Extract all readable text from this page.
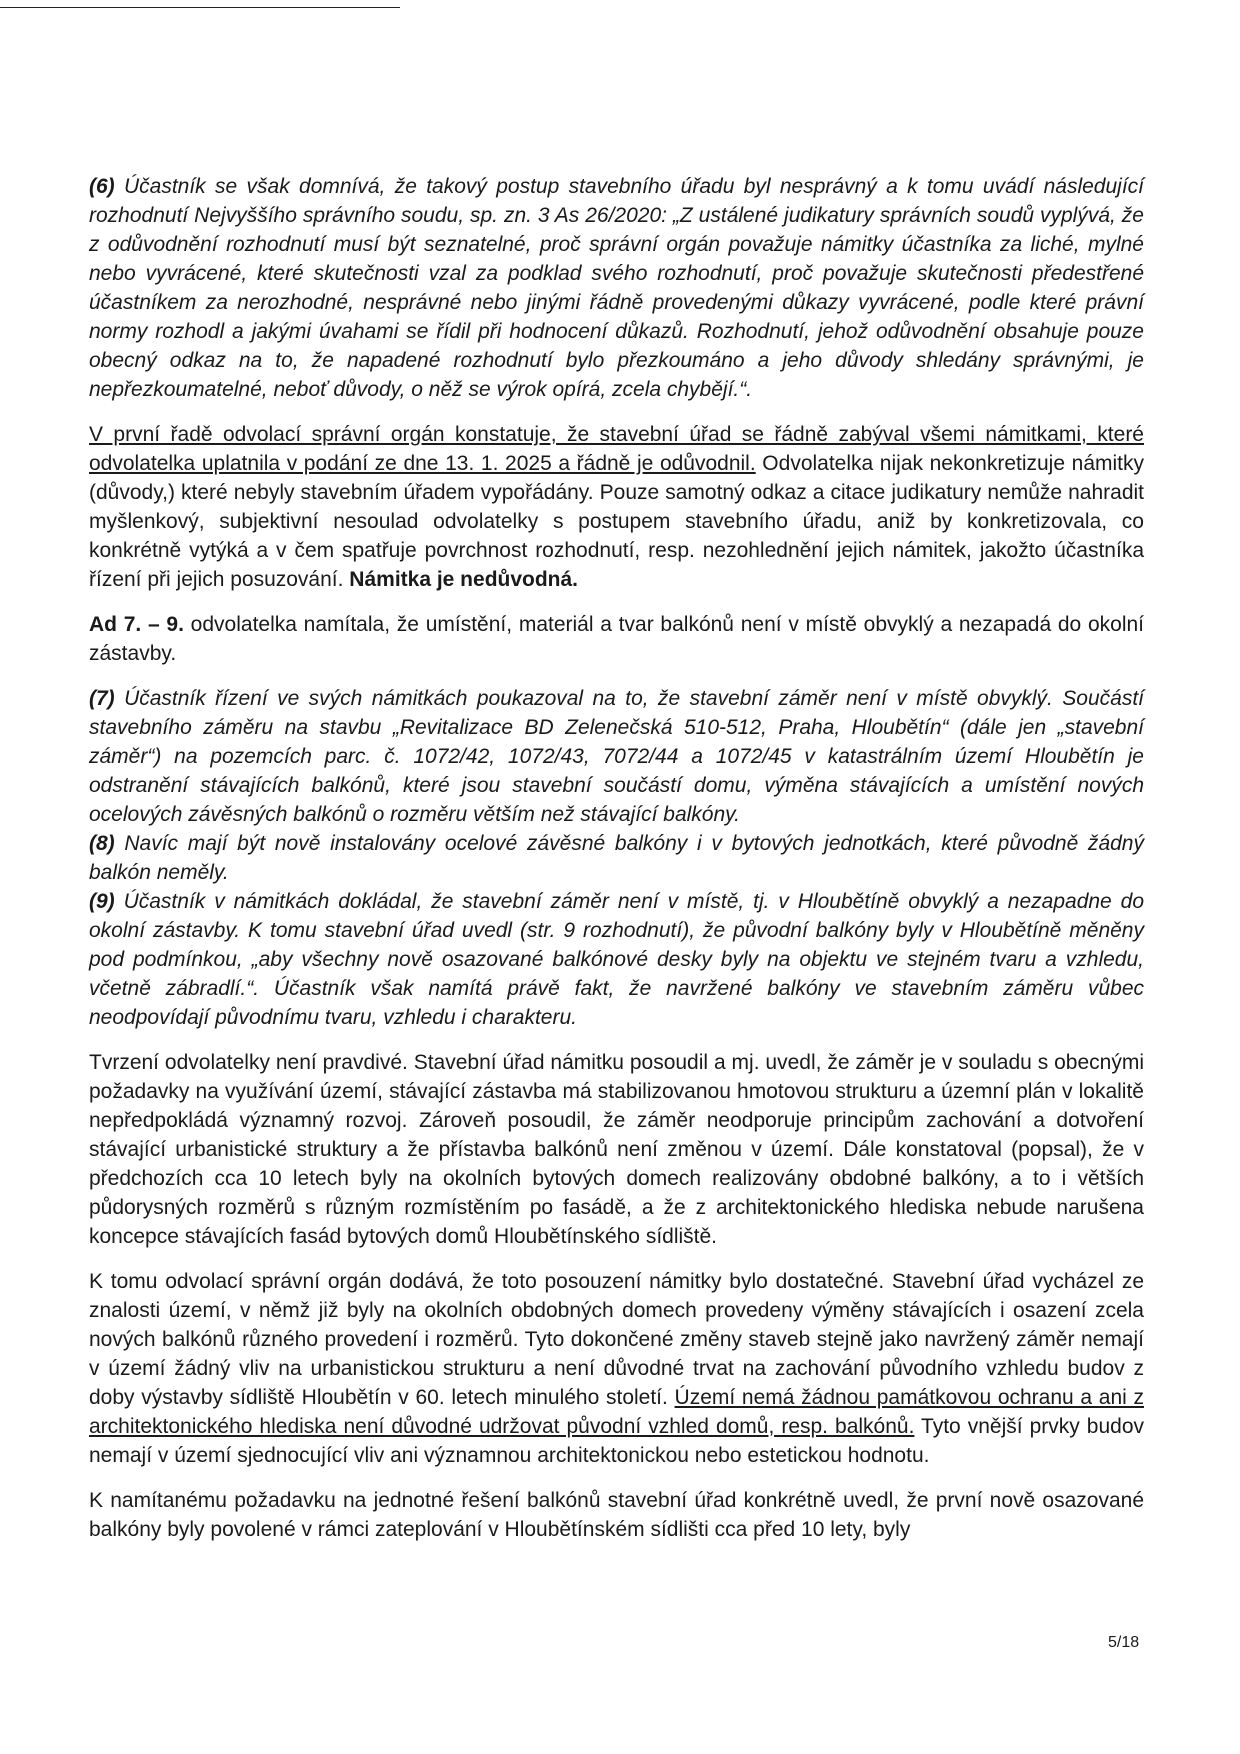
(6) Účastník se však domnívá, že takový postup stavebního úřadu byl nesprávný a k tomu uvádí následující rozhodnutí Nejvyššího správního soudu, sp. zn. 3 As 26/2020: „Z ustálené judikatury správních soudů vyplývá, že z odůvodnění rozhodnutí musí být seznatelné, proč správní orgán považuje námitky účastníka za liché, mylné nebo vyvrácené, které skutečnosti vzal za podklad svého rozhodnutí, proč považuje skutečnosti předestřené účastníkem za nerozhodné, nesprávné nebo jinými řádně provedenými důkazy vyvrácené, podle které právní normy rozhodl a jakými úvahami se řídil při hodnocení důkazů. Rozhodnutí, jehož odůvodnění obsahuje pouze obecný odkaz na to, že napadené rozhodnutí bylo přezkoumáno a jeho důvody shledány správnými, je nepřezkoumatelné, neboť důvody, o něž se výrok opírá, zcela chybějí.“.

V první řadě odvolací správní orgán konstatuje, že stavební úřad se řádně zabýval všemi námitkami, které odvolatelka uplatnila v podání ze dne 13. 1. 2025 a řádně je odůvodnil. Odvolatelka nijak nekonkretizuje námitky (důvody,) které nebyly stavebním úřadem vypořádány. Pouze samotný odkaz a citace judikatury nemůže nahradit myšlenkový, subjektivní nesoulad odvolatelky s postupem stavebního úřadu, aniž by konkretizovala, co konkrétně vytýká a v čem spatřuje povrchnost rozhodnutí, resp. nezohlednění jejich námitek, jakožto účastníka řízení při jejich posuzování. Námitka je nedůvodná.

Ad 7. – 9. odvolatelka namítala, že umístění, materiál a tvar balkónů není v místě obvyklý a nezapadá do okolní zástavby.

(7) Účastník řízení ve svých námitkách poukazoval na to, že stavební záměr není v místě obvyklý. Součástí stavebního záměru na stavbu „Revitalizace BD Zelenečská 510-512, Praha, Hloubětín“ (dále jen „stavební záměr“) na pozemcích parc. č. 1072/42, 1072/43, 7072/44 a 1072/45 v katastrálním území Hloubětín je odstranění stávajících balkónů, které jsou stavební součástí domu, výměna stávajících a umístění nových ocelových závěsných balkónů o rozměru větším než stávající balkóny.

(8) Navíc mají být nově instalovány ocelové závěsné balkóny i v bytových jednotkách, které původně žádný balkón neměly.

(9) Účastník v námitkách dokládal, že stavební záměr není v místě, tj. v Hloubětíně obvyklý a nezapadne do okolní zástavby. K tomu stavební úřad uvedl (str. 9 rozhodnutí), že původní balkóny byly v Hloubětíně měněny pod podmínkou, „aby všechny nově osazované balkónové desky byly na objektu ve stejném tvaru a vzhledu, včetně zábradlí.“. Účastník však namítá právě fakt, že navržené balkóny ve stavebním záměru vůbec neodpovídají původnímu tvaru, vzhledu i charakteru.

Tvrzení odvolatelky není pravdivé. Stavební úřad námitku posoudil a mj. uvedl, že záměr je v souladu s obecnými požadavky na využívání území, stávající zástavba má stabilizovanou hmotovou strukturu a územní plán v lokalitě nepředpokládá významný rozvoj. Zároveň posoudil, že záměr neodporuje principům zachování a dotvoření stávající urbanistické struktury a že přístavba balkónů není změnou v území. Dále konstatoval (popsal), že v předchozích cca 10 letech byly na okolních bytových domech realizovány obdobné balkóny, a to i větších půdorysných rozměrů s různým rozmístěním po fasádě, a že z architektonického hlediska nebude narušena koncepce stávajících fasád bytových domů Hloubětínského sídliště.

K tomu odvolací správní orgán dodává, že toto posouzení námitky bylo dostatečné. Stavební úřad vycházel ze znalosti území, v němž již byly na okolních obdobných domech provedeny výměny stávajících i osazení zcela nových balkónů různého provedení i rozměrů. Tyto dokončené změny staveb stejně jako navržený záměr nemají v území žádný vliv na urbanistickou strukturu a není důvodné trvat na zachování původního vzhledu budov z doby výstavby sídliště Hloubětín v 60. letech minulého století. Území nemá žádnou památkovou ochranu a ani z architektonického hlediska není důvodné udržovat původní vzhled domů, resp. balkónů. Tyto vnější prvky budov nemají v území sjednocující vliv ani významnou architektonickou nebo estetickou hodnotu.

K namítanému požadavku na jednotné řešení balkónů stavební úřad konkrétně uvedl, že první nově osazované balkóny byly povolené v rámci zateplování v Hloubětínském sídlišti cca před 10 lety, byly

5/18
